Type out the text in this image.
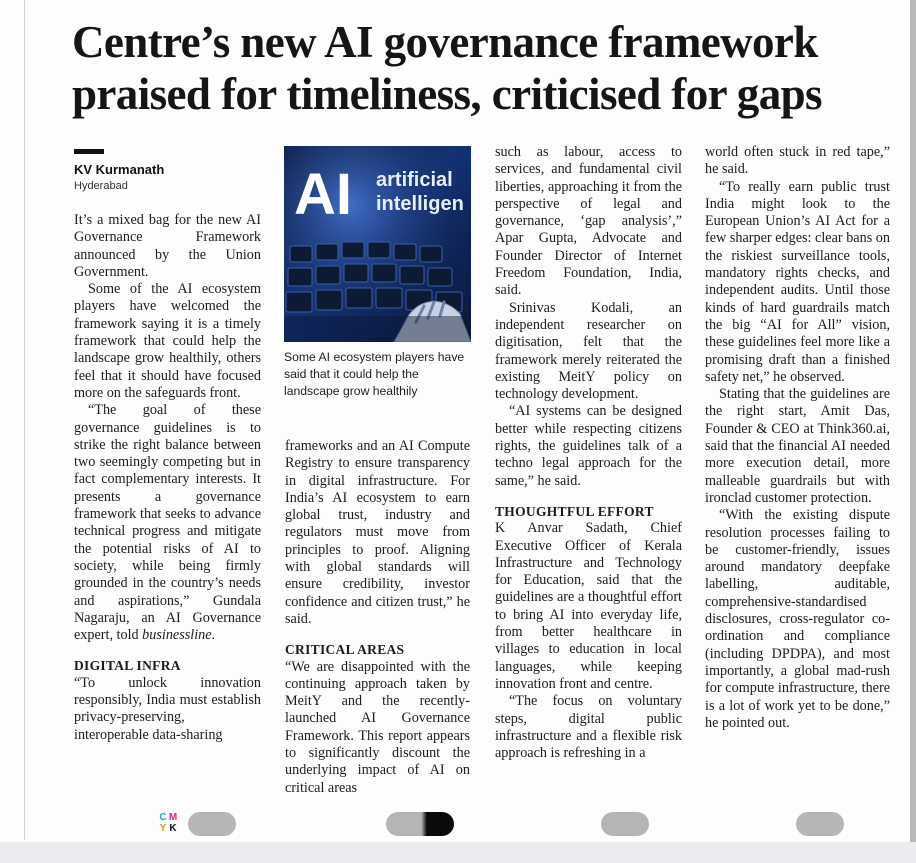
Centre’s new AI governance framework praised for timeliness, criticised for gaps
KV Kurmanath
Hyderabad

It’s a mixed bag for the new AI Governance Framework announced by the Union Government.

Some of the AI ecosystem players have welcomed the framework saying it is a timely framework that could help the landscape grow healthily, others feel that it should have focused more on the safeguards front.

“The goal of these governance guidelines is to strike the right balance between two seemingly competing but in fact complementary interests. It presents a governance framework that seeks to advance technical progress and mitigate the potential risks of AI to society, while being firmly grounded in the country’s needs and aspirations,” Gundala Nagaraju, an AI Governance expert, told businessline.

DIGITAL INFRA

“To unlock innovation responsibly, India must establish privacy-preserving, interoperable data-sharing

AI artificial
intelligen
Some AI ecosystem players have said that it could help the landscape grow healthily

frameworks and an AI Compute Registry to ensure transparency in digital infrastructure. For India’s AI ecosystem to earn global trust, industry and regulators must move from principles to proof. Aligning with global standards will ensure credibility, investor confidence and citizen trust,” he said.

CRITICAL AREAS

“We are disappointed with the continuing approach taken by MeitY and the recently-launched AI Governance Framework. This report appears to significantly discount the underlying impact of AI on critical areas

such as labour, access to services, and fundamental civil liberties, approaching it from the perspective of legal and governance, ‘gap analysis’,” Apar Gupta, Advocate and Founder Director of Internet Freedom Foundation, India, said.

Srinivas Kodali, an independent researcher on digitisation, felt that the framework merely reiterated the existing MeitY policy on technology development.

“AI systems can be designed better while respecting citizens rights, the guidelines talk of a techno legal approach for the same,” he said.

THOUGHTFUL EFFORT

K Anvar Sadath, Chief Executive Officer of Kerala Infrastructure and Technology for Education, said that the guidelines are a thoughtful effort to bring AI into everyday life, from better healthcare in villages to education in local languages, while keeping innovation front and centre.

“The focus on voluntary steps, digital public infrastructure and a flexible risk approach is refreshing in a

world often stuck in red tape,” he said.

“To really earn public trust India might look to the European Union’s AI Act for a few sharper edges: clear bans on the riskiest surveillance tools, mandatory rights checks, and independent audits. Until those kinds of hard guardrails match the big “AI for All” vision, these guidelines feel more like a promising draft than a finished safety net,” he observed.

Stating that the guidelines are the right start, Amit Das, Founder & CEO at Think360.ai, said that the financial AI needed more execution detail, more malleable guardrails but with ironclad customer protection.

“With the existing dispute resolution processes failing to be customer-friendly, issues around mandatory deepfake labelling, auditable, comprehensive-standardised disclosures, cross-regulator co-ordination and compliance (including DPDPA), and most importantly, a global mad-rush for compute infrastructure, there is a lot of work yet to be done,” he pointed out.

C M
Y K
